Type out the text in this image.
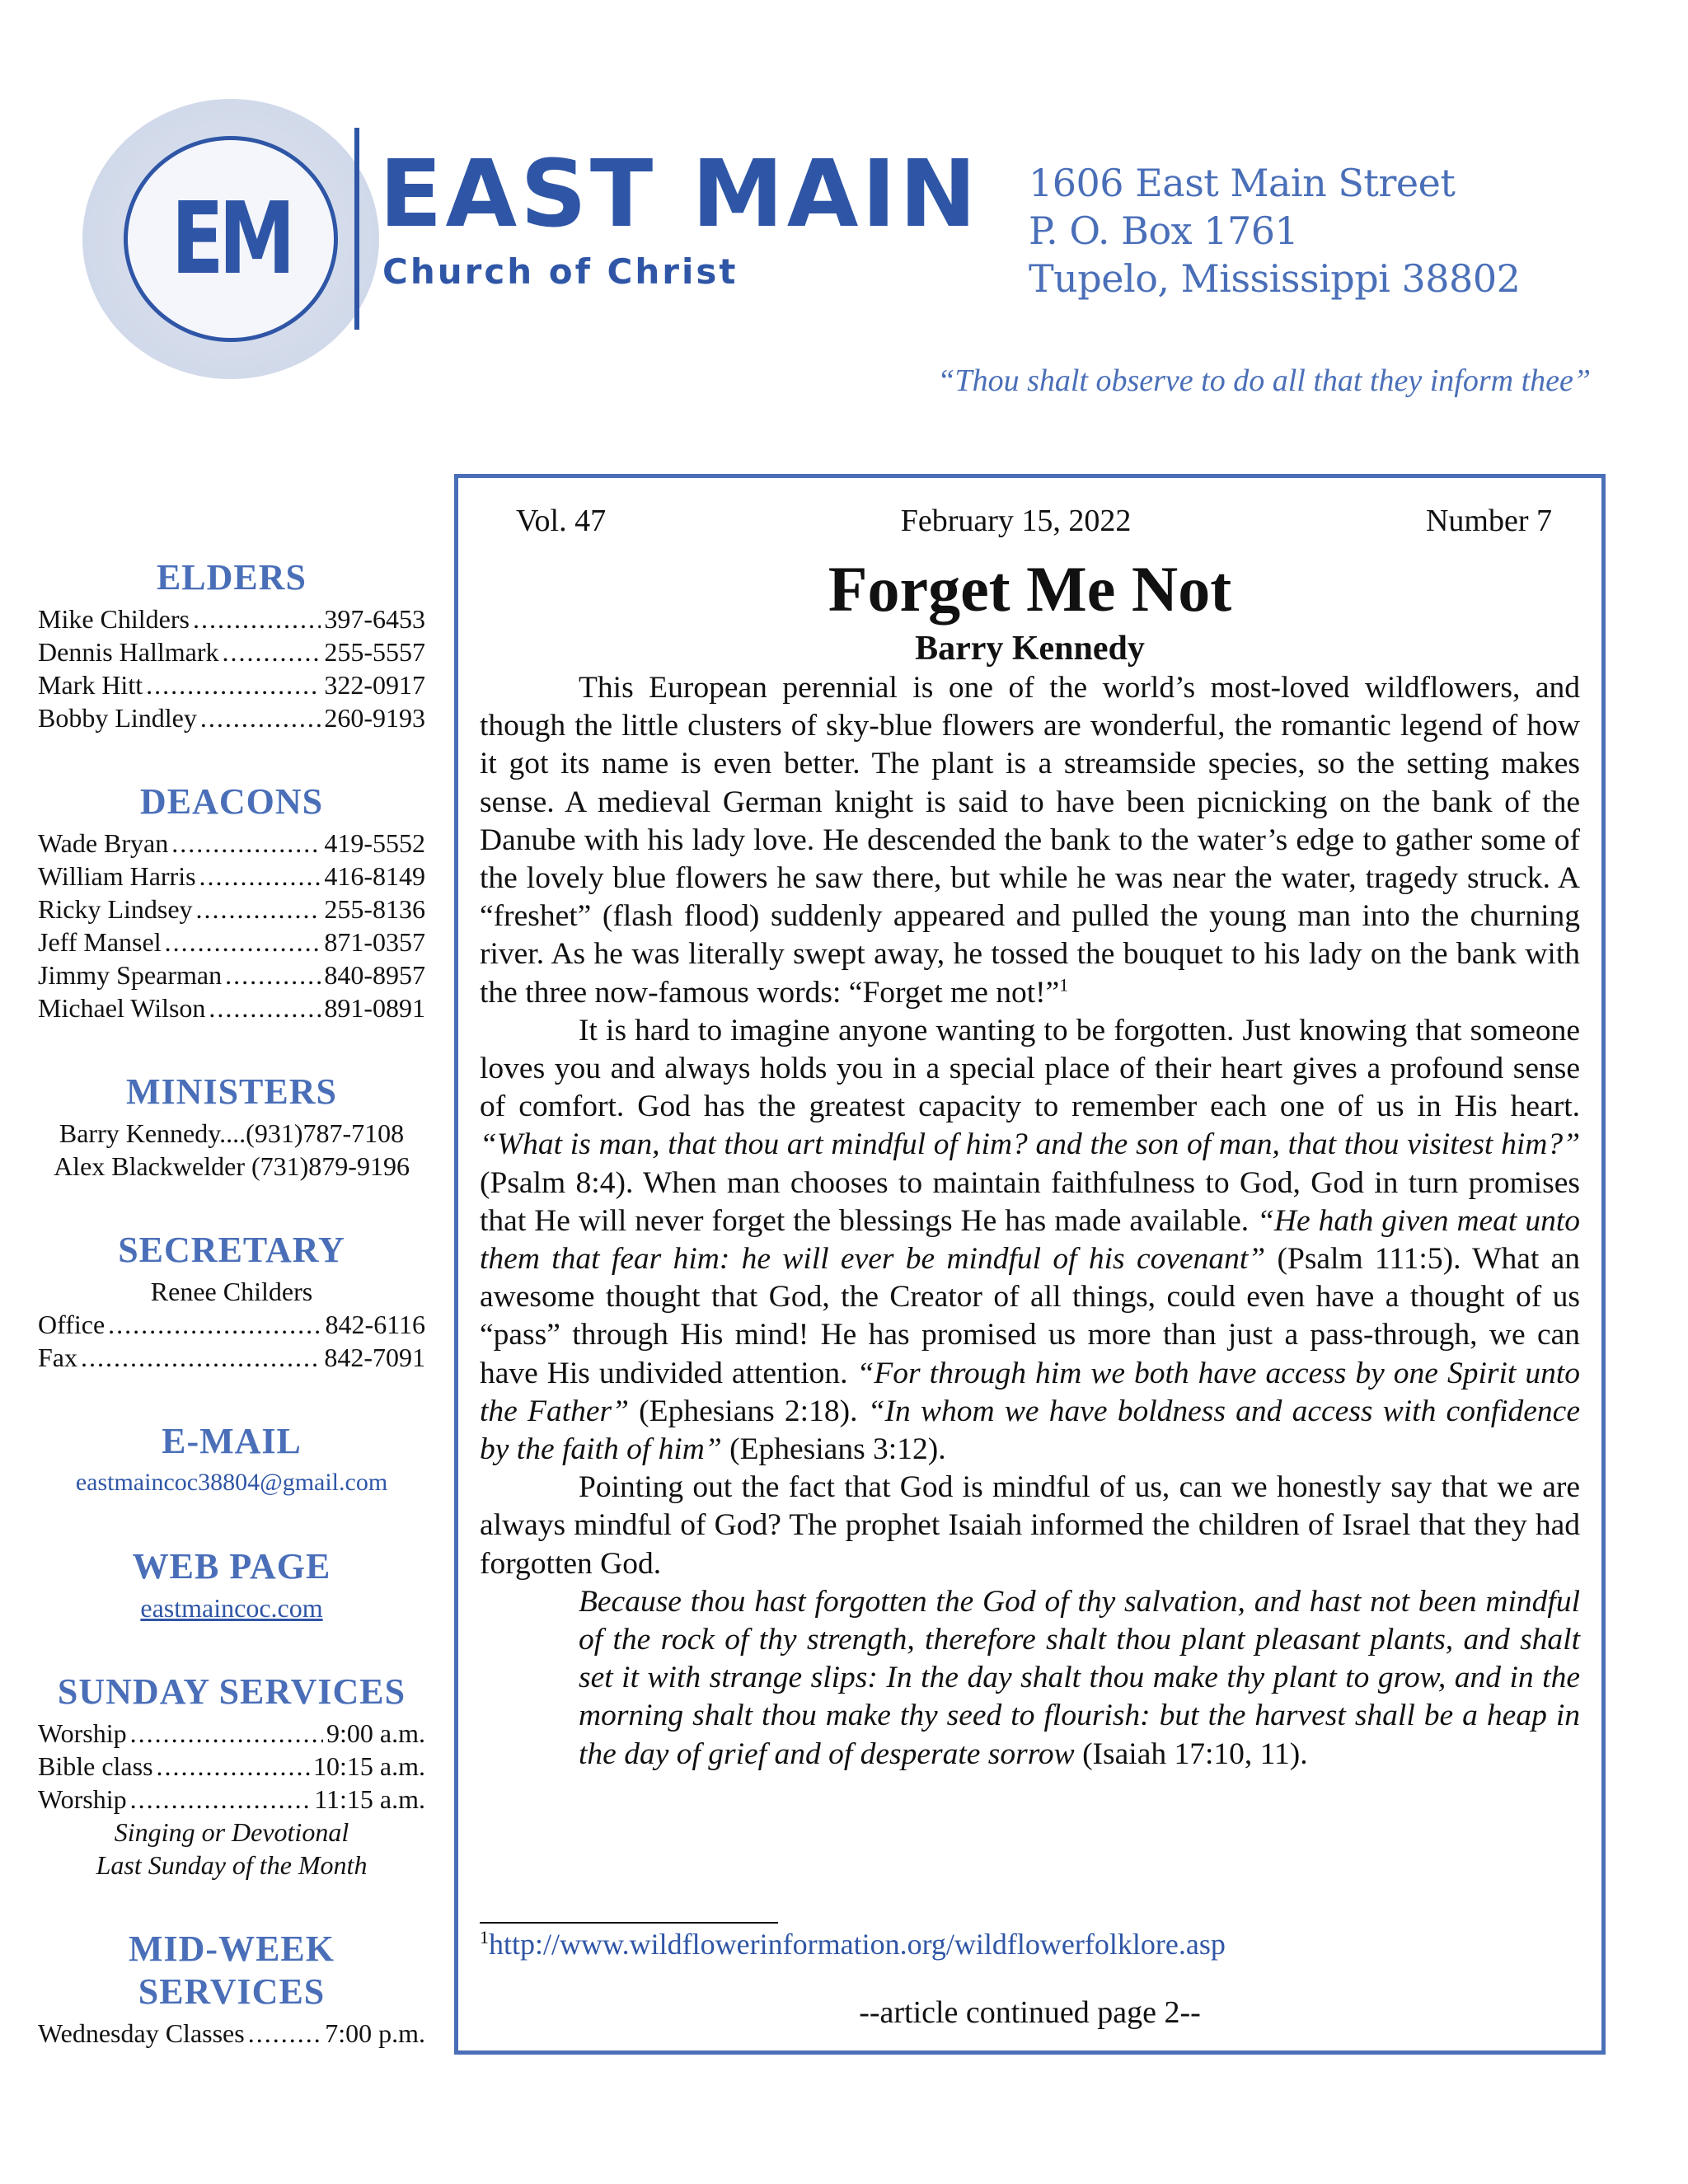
EM EAST MAIN
Church of Christ
1606 East Main Street
P. O. Box 1761
Tupelo, Mississippi 38802
“Thou shalt observe to do all that they inform thee”
ELDERS
Mike Childers .....	397-6453
Dennis Hallmark .....	255-5557
Mark Hitt .....	322-0917
Bobby Lindley .....	260-9193
DEACONS
Wade Bryan .....	419-5552
William Harris .....	416-8149
Ricky Lindsey .....	255-8136
Jeff Mansel .....	871-0357
Jimmy Spearman .....	840-8957
Michael Wilson .....	891-0891
MINISTERS
Barry Kennedy....(931)787-7108
Alex Blackwelder (731)879-9196
SECRETARY
Renee Childers
Office .....	842-6116
Fax .....	842-7091
E-MAIL
eastmaincoc38804@gmail.com
WEB PAGE
eastmaincoc.com
SUNDAY SERVICES
Worship .....	9:00 a.m.
Bible class .....	10:15 a.m.
Worship .....	11:15 a.m.
Singing or Devotional
Last Sunday of the Month
MID-WEEK
SERVICES
Wednesday Classes .....	7:00 p.m.
Vol. 47	February 15, 2022	Number 7
Forget Me Not
Barry Kennedy

This European perennial is one of the world’s most-loved wildflowers, and though the little clusters of sky-blue flowers are wonderful, the romantic legend of how it got its name is even better. The plant is a streamside species, so the setting makes sense. A medieval German knight is said to have been picnicking on the bank of the Danube with his lady love. He descended the bank to the water’s edge to gather some of the lovely blue flowers he saw there, but while he was near the water, tragedy struck. A “freshet” (flash flood) suddenly appeared and pulled the young man into the churning river. As he was literally swept away, he tossed the bouquet to his lady on the bank with the three now-famous words: “Forget me not!”$^1$

It is hard to imagine anyone wanting to be forgotten. Just knowing that someone loves you and always holds you in a special place of their heart gives a profound sense of comfort. God has the greatest capacity to remember each one of us in His heart. “What is man, that thou art mindful of him? and the son of man, that thou visitest him?” (Psalm 8:4). When man chooses to maintain faithfulness to God, God in turn promises that He will never forget the blessings He has made available. “He hath given meat unto them that fear him: he will ever be mindful of his covenant” (Psalm 111:5). What an awesome thought that God, the Creator of all things, could even have a thought of us “pass” through His mind! He has promised us more than just a pass-through, we can have His undivided attention. “For through him we both have access by one Spirit unto the Father” (Ephesians 2:18). “In whom we have boldness and access with confidence by the faith of him” (Ephesians 3:12).

Pointing out the fact that God is mindful of us, can we honestly say that we are always mindful of God? The prophet Isaiah informed the children of Israel that they had forgotten God.

Because thou hast forgotten the God of thy salvation, and hast not been mindful of the rock of thy strength, therefore shalt thou plant pleasant plants, and shalt set it with strange slips: In the day shalt thou make thy plant to grow, and in the morning shalt thou make thy seed to flourish: but the harvest shall be a heap in the day of grief and of desperate sorrow (Isaiah 17:10, 11).

$^1$http://www.wildflowerinformation.org/wildflowerfolklore.asp
--article continued page 2--
